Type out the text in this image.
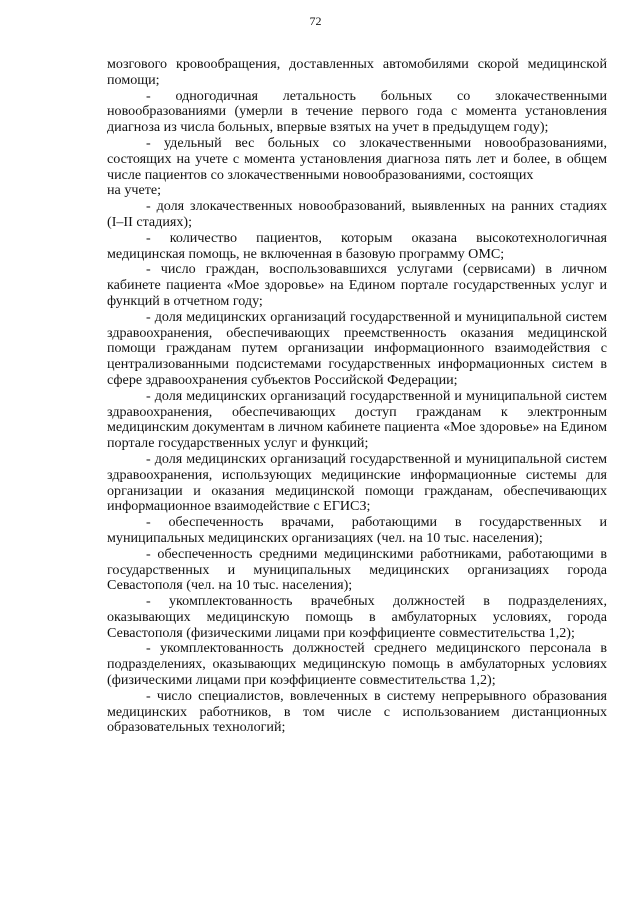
72

мозгового кровообращения, доставленных автомобилями скорой медицинской помощи;

- одногодичная летальность больных со злокачественными новообразованиями (умерли в течение первого года с момента установления диагноза из числа больных, впервые взятых на учет в предыдущем году);

- удельный вес больных со злокачественными новообразованиями, состоящих на учете с момента установления диагноза пять лет и более, в общем числе пациентов со злокачественными новообразованиями, состоящих

на учете;

- доля злокачественных новообразований, выявленных на ранних стадиях (I–II стадиях);

- количество пациентов, которым оказана высокотехнологичная медицинская помощь, не включенная в базовую программу ОМС;

- число граждан, воспользовавшихся услугами (сервисами) в личном кабинете пациента «Мое здоровье» на Едином портале государственных услуг и функций в отчетном году;

- доля медицинских организаций государственной и муниципальной систем здравоохранения, обеспечивающих преемственность оказания медицинской помощи гражданам путем организации информационного взаимодействия с централизованными подсистемами государственных информационных систем в сфере здравоохранения субъектов Российской Федерации;

- доля медицинских организаций государственной и муниципальной систем здравоохранения, обеспечивающих доступ гражданам к электронным медицинским документам в личном кабинете пациента «Мое здоровье» на Едином портале государственных услуг и функций;

- доля медицинских организаций государственной и муниципальной систем здравоохранения, использующих медицинские информационные системы для организации и оказания медицинской помощи гражданам, обеспечивающих информационное взаимодействие с ЕГИСЗ;

- обеспеченность врачами, работающими в государственных и муниципальных медицинских организациях (чел. на 10 тыс. населения);

- обеспеченность средними медицинскими работниками, работающими в государственных и муниципальных медицинских организациях города Севастополя (чел. на 10 тыс. населения);

- укомплектованность врачебных должностей в подразделениях, оказывающих медицинскую помощь в амбулаторных условиях, города Севастополя (физическими лицами при коэффициенте совместительства 1,2);

- укомплектованность должностей среднего медицинского персонала в подразделениях, оказывающих медицинскую помощь в амбулаторных условиях (физическими лицами при коэффициенте совместительства 1,2);

- число специалистов, вовлеченных в систему непрерывного образования медицинских работников, в том числе с использованием дистанционных образовательных технологий;
